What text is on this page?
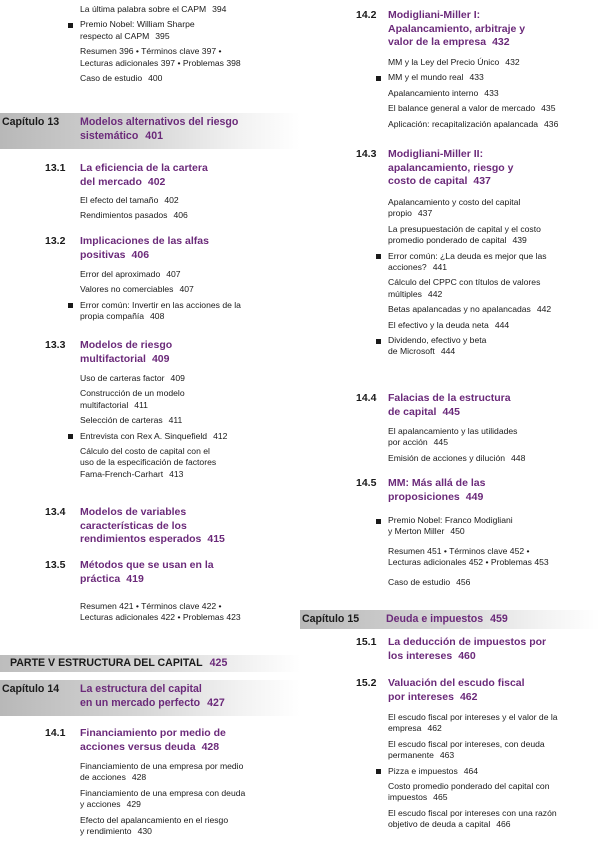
La última palabra sobre el CAPM 394
Premio Nobel: William Sharpe
respecto al CAPM 395
Resumen 396 • Términos clave 397 •
Lecturas adicionales 397 • Problemas 398
Caso de estudio 400
Capítulo 13 Modelos alternativos del riesgo
sistemático 401
13.1 La eficiencia de la cartera
del mercado 402
El efecto del tamaño 402
Rendimientos pasados 406
13.2 Implicaciones de las alfas
positivas 406
Error del aproximado 407
Valores no comerciables 407
Error común: Invertir en las acciones de la
propia compañía 408
13.3 Modelos de riesgo
multifactorial 409
Uso de carteras factor 409
Construcción de un modelo
multifactorial 411
Selección de carteras 411
Entrevista con Rex A. Sinquefield 412
Cálculo del costo de capital con el
uso de la especificación de factores
Fama-French-Carhart 413
13.4 Modelos de variables
características de los
rendimientos esperados 415
13.5 Métodos que se usan en la
práctica 419
Resumen 421 • Términos clave 422 •
Lecturas adicionales 422 • Problemas 423
PARTE V ESTRUCTURA DEL CAPITAL 425
Capítulo 14 La estructura del capital
en un mercado perfecto 427
14.1 Financiamiento por medio de
acciones versus deuda 428
Financiamiento de una empresa por medio
de acciones 428
Financiamiento de una empresa con deuda
y acciones 429
Efecto del apalancamiento en el riesgo
y rendimiento 430
14.2 Modigliani-Miller I:
Apalancamiento, arbitraje y
valor de la empresa 432
MM y la Ley del Precio Único 432
MM y el mundo real 433
Apalancamiento interno 433
El balance general a valor de mercado 435
Aplicación: recapitalización apalancada 436
14.3 Modigliani-Miller II:
apalancamiento, riesgo y
costo de capital 437
Apalancamiento y costo del capital
propio 437
La presupuestación de capital y el costo
promedio ponderado de capital 439
Error común: ¿La deuda es mejor que las
acciones? 441
Cálculo del CPPC con títulos de valores
múltiples 442
Betas apalancadas y no apalancadas 442
El efectivo y la deuda neta 444
Dividendo, efectivo y beta
de Microsoft 444
14.4 Falacias de la estructura
de capital 445
El apalancamiento y las utilidades
por acción 445
Emisión de acciones y dilución 448
14.5 MM: Más allá de las
proposiciones 449
Premio Nobel: Franco Modigliani
y Merton Miller 450
Resumen 451 • Términos clave 452 •
Lecturas adicionales 452 • Problemas 453
Caso de estudio 456
Capítulo 15	Deuda e impuestos 459
15.1 La deducción de impuestos por
los intereses 460
15.2 Valuación del escudo fiscal
por intereses 462
El escudo fiscal por intereses y el valor de la
empresa 462
El escudo fiscal por intereses, con deuda
permanente 463
Pizza e impuestos 464
Costo promedio ponderado del capital con
impuestos 465
El escudo fiscal por intereses con una razón
objetivo de deuda a capital 466
